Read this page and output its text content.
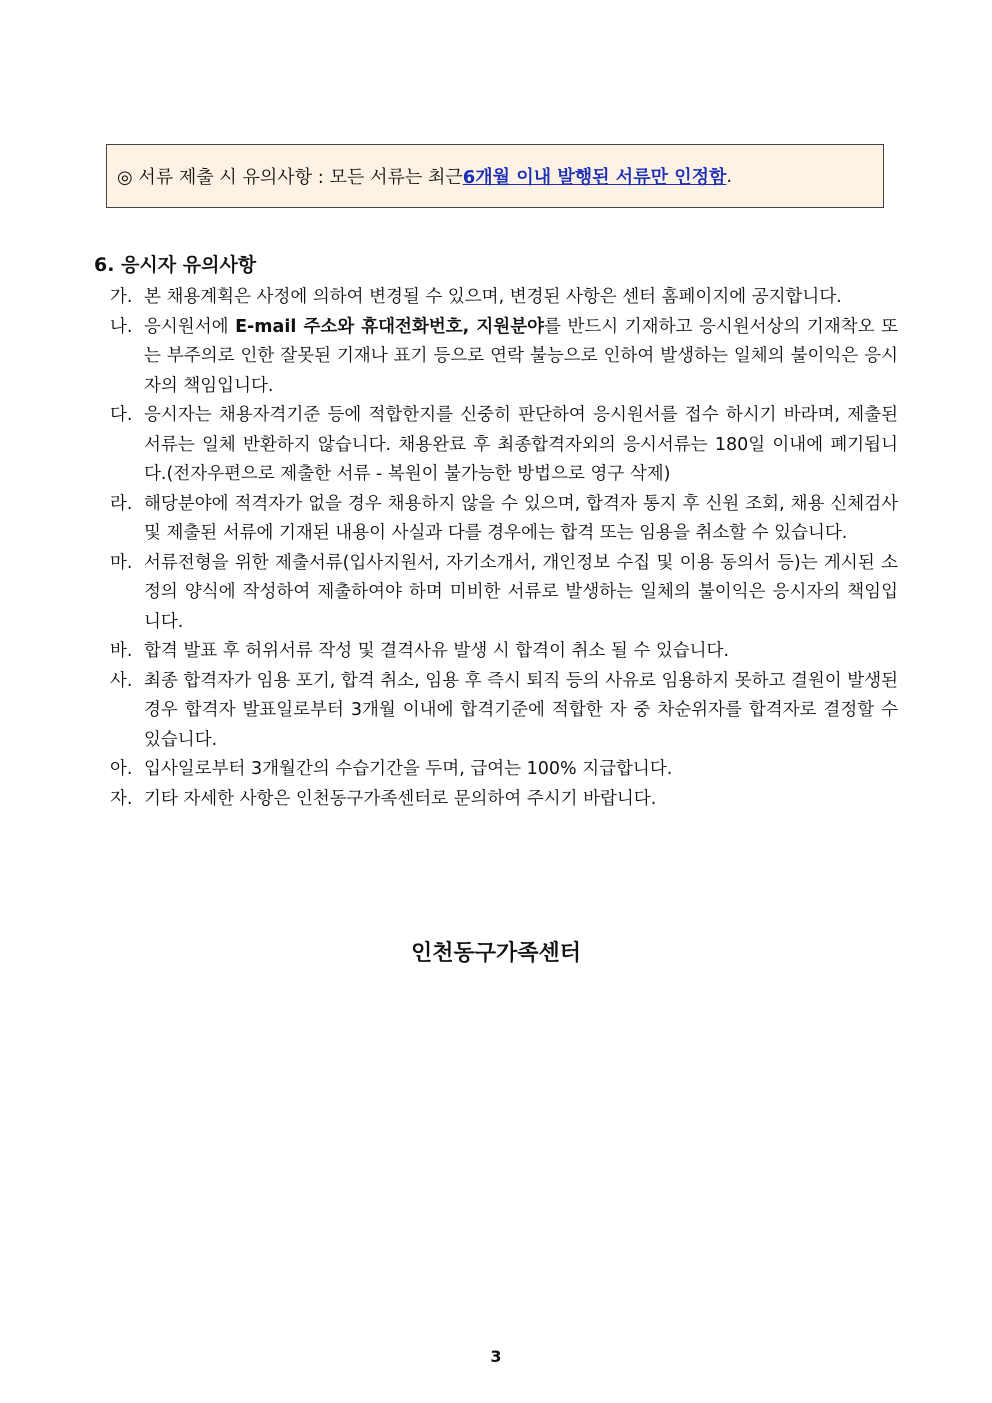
◎ 서류 제출 시 유의사항 : 모든 서류는 최근 6개월 이내 발행된 서류만 인정함 .
6. 응시자 유의사항
가. 본 채용계획은 사정에 의하여 변경될 수 있으며, 변경된 사항은 센터 홈페이지에 공지합니다.
나. 응시원서에 E-mail 주소와 휴대전화번호, 지원분야를 반드시 기재하고 응시원서상의 기재착오 또는 부주의로 인한 잘못된 기재나 표기 등으로 연락 불능으로 인하여 발생하는 일체의 불이익은 응시자의 책임입니다.
다. 응시자는 채용자격기준 등에 적합한지를 신중히 판단하여 응시원서를 접수 하시기 바라며, 제출된 서류는 일체 반환하지 않습니다. 채용완료 후 최종합격자외의 응시서류는 180일 이내에 폐기됩니다.(전자우편으로 제출한 서류 - 복원이 불가능한 방법으로 영구 삭제)
라. 해당분야에 적격자가 없을 경우 채용하지 않을 수 있으며, 합격자 통지 후 신원 조회, 채용 신체검사 및 제출된 서류에 기재된 내용이 사실과 다를 경우에는 합격 또는 임용을 취소할 수 있습니다.
마. 서류전형을 위한 제출서류(입사지원서, 자기소개서, 개인정보 수집 및 이용 동의서 등)는 게시된 소정의 양식에 작성하여 제출하여야 하며 미비한 서류로 발생하는 일체의 불이익은 응시자의 책임입니다.
바. 합격 발표 후 허위서류 작성 및 결격사유 발생 시 합격이 취소 될 수 있습니다.
사. 최종 합격자가 임용 포기, 합격 취소, 임용 후 즉시 퇴직 등의 사유로 임용하지 못하고 결원이 발생된 경우 합격자 발표일로부터 3개월 이내에 합격기준에 적합한 자 중 차순위자를 합격자로 결정할 수 있습니다.
아. 입사일로부터 3개월간의 수습기간을 두며, 급여는 100% 지급합니다.
자. 기타 자세한 사항은 인천동구가족센터로 문의하여 주시기 바랍니다.
인천동구가족센터
3
